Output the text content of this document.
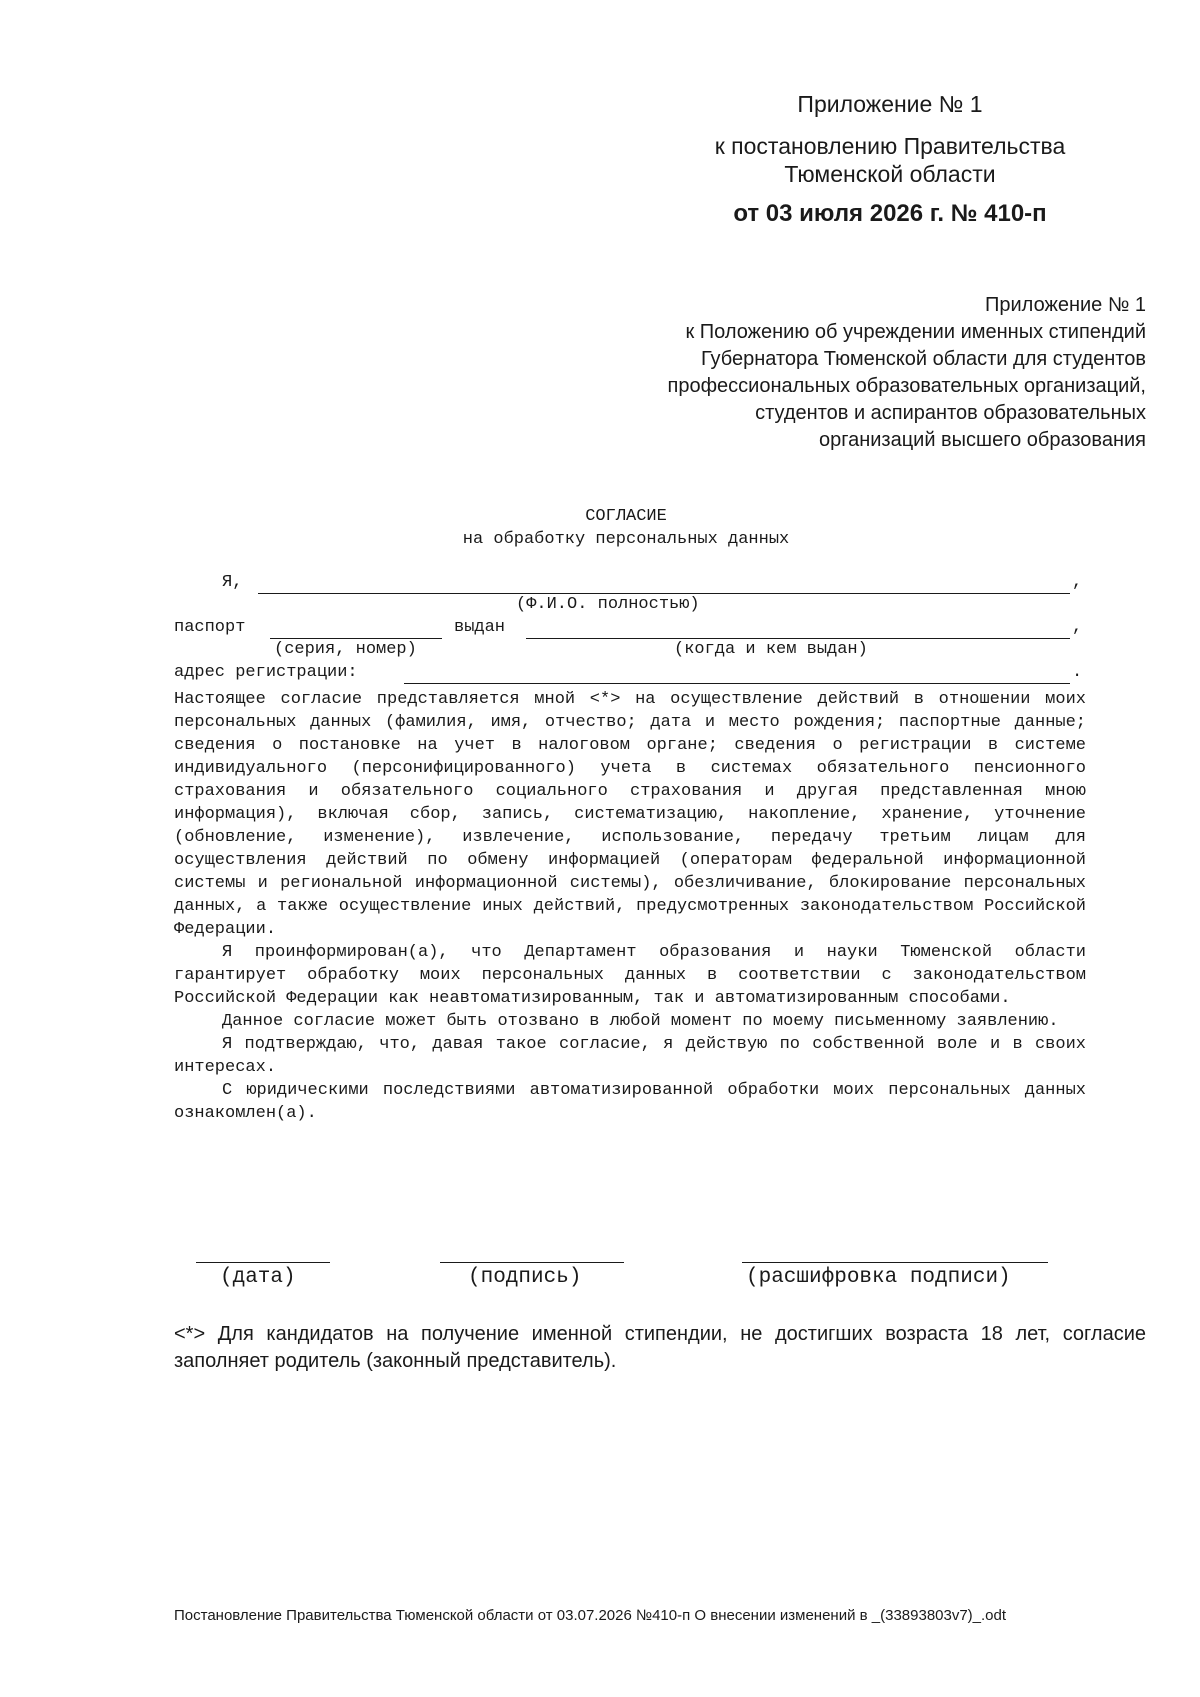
Приложение № 1
к постановлению Правительства
Тюменской области
от 03 июля 2026 г. № 410-п
Приложение № 1
к Положению об учреждении именных стипендий
Губернатора Тюменской области для студентов
профессиональных образовательных организаций,
студентов и аспирантов образовательных
организаций высшего образования
СОГЛАСИЕ
на обработку персональных данных
Я,	,
(Ф.И.О. полностью)
паспорт	выдан	,
(серия, номер)	(когда и кем выдан)
адрес регистрации:	.

Настоящее согласие представляется мной <*> на осуществление действий в отношении моих персональных данных (фамилия, имя, отчество; дата и место рождения; паспортные данные; сведения о постановке на учет в налоговом органе; сведения о регистрации в системе индивидуального (персонифицированного) учета в системах обязательного пенсионного страхования и обязательного социального страхования и другая представленная мною информация), включая сбор, запись, систематизацию, накопление, хранение, уточнение (обновление, изменение), извлечение, использование, передачу третьим лицам для осуществления действий по обмену информацией (операторам федеральной информационной системы и региональной информационной системы), обезличивание, блокирование персональных данных, а также осуществление иных действий, предусмотренных законодательством Российской Федерации.

Я проинформирован(а), что Департамент образования и науки Тюменской области гарантирует обработку моих персональных данных в соответствии с законодательством Российской Федерации как неавтоматизированным, так и автоматизированным способами.

Данное согласие может быть отозвано в любой момент по моему письменному заявлению.

Я подтверждаю, что, давая такое согласие, я действую по собственной воле и в своих интересах.

С юридическими последствиями автоматизированной обработки моих персональных данных ознакомлен(а).

(дата)	(подпись)	(расшифровка подписи)
<*> Для кандидатов на получение именной стипендии, не достигших возраста 18 лет, согласие заполняет родитель (законный представитель).
Постановление Правительства Тюменской области от 03.07.2026 №410-п О внесении изменений в _(33893803v7)_.odt
